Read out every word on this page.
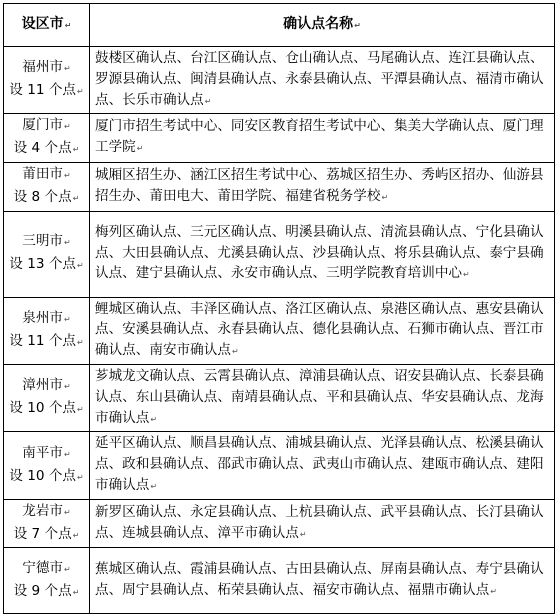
设区市↵	确认点名称↵
福州市↵
设 11 个点↵	鼓楼区确认点、台江区确认点、仓山确认点、马尾确认点、连江县确认点、罗源县确认点、闽清县确认点、永泰县确认点、平潭县确认点、福清市确认点、长乐市确认点↵
厦门市↵
设 4 个点↵	厦门市招生考试中心、同安区教育招生考试中心、集美大学确认点、厦门理工学院↵
莆田市↵
设 8 个点↵	城厢区招生办、涵江区招生考试中心、荔城区招生办、秀屿区招办、仙游县招生办、莆田电大、莆田学院、福建省税务学校↵
三明市↵
设 13 个点↵	梅列区确认点、三元区确认点、明溪县确认点、清流县确认点、宁化县确认点、大田县确认点、尤溪县确认点、沙县确认点、将乐县确认点、泰宁县确认点、建宁县确认点、永安市确认点、三明学院教育培训中心↵
泉州市↵
设 11 个点↵	鲤城区确认点、丰泽区确认点、洛江区确认点、泉港区确认点、惠安县确认点、安溪县确认点、永春县确认点、德化县确认点、石狮市确认点、晋江市确认点、南安市确认点↵
漳州市↵
设 10 个点↵	芗城龙文确认点、云霄县确认点、漳浦县确认点、诏安县确认点、长泰县确认点、东山县确认点、南靖县确认点、平和县确认点、华安县确认点、龙海市确认点↵
南平市↵
设 10 个点↵	延平区确认点、顺昌县确认点、浦城县确认点、光泽县确认点、松溪县确认点、政和县确认点、邵武市确认点、武夷山市确认点、建瓯市确认点、建阳市确认点↵
龙岩市↵
设 7 个点↵	新罗区确认点、永定县确认点、上杭县确认点、武平县确认点、长汀县确认点、连城县确认点、漳平市确认点↵
宁德市↵
设 9 个点↵	蕉城区确认点、霞浦县确认点、古田县确认点、屏南县确认点、寿宁县确认点、周宁县确认点、柘荣县确认点、福安市确认点、福鼎市确认点↵
